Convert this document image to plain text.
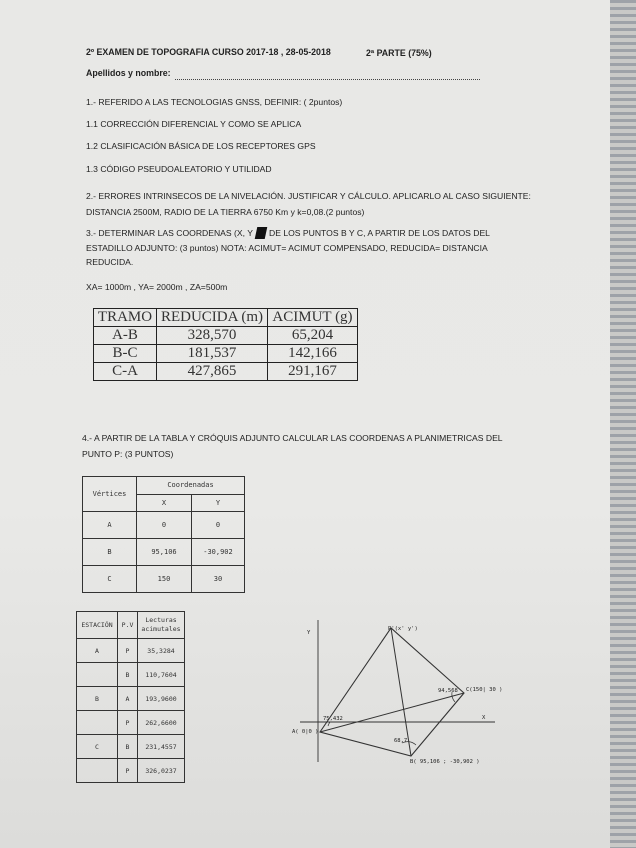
2º EXAMEN DE TOPOGRAFIA CURSO 2017-18 , 28-05-2018	2ª PARTE (75%)
Apellidos y nombre:
1.- REFERIDO A LAS TECNOLOGIAS GNSS, DEFINIR: ( 2puntos)
1.1 CORRECCIÓN DIFERENCIAL Y COMO SE APLICA
1.2 CLASIFICACIÓN BÁSICA DE LOS RECEPTORES GPS
1.3 CÓDIGO PSEUDOALEATORIO Y UTILIDAD
2.- ERRORES INTRINSECOS DE LA NIVELACIÓN. JUSTIFICAR Y CÁLCULO. APLICARLO AL CASO SIGUIENTE:
DISTANCIA 2500M, RADIO DE LA TIERRA 6750 Km y k=0,08.(2 puntos)
3.- DETERMINAR LAS COORDENAS (X, Y DE LOS PUNTOS B Y C, A PARTIR DE LOS DATOS DEL
ESTADILLO ADJUNTO: (3 puntos) NOTA: ACIMUT= ACIMUT COMPENSADO, REDUCIDA= DISTANCIA
REDUCIDA.
XA= 1000m , YA= 2000m , ZA=500m
TRAMO	REDUCIDA (m)	ACIMUT (g)
A-B	328,570	65,204
B-C	181,537	142,166
C-A	427,865	291,167
4.- A PARTIR DE LA TABLA Y CRÓQUIS ADJUNTO CALCULAR LAS COORDENAS A PLANIMETRICAS DEL
PUNTO P: (3 PUNTOS)
Vértices	Coordenadas	
	X	Y
A	0	0
B	95,106	-30,902
C	150	30
ESTACIÓN	P.V	Lecturas acimutales
A	P	35,3284
	B	110,7604
B	A	193,9600
	P	262,6600
C	B	231,4557
	P	326,0237
Y
X
P'(x' y')
A( 0|0 )
B( 95,106 ; -30,902 )
C(150| 30 )
75,432
68,7
94,568
